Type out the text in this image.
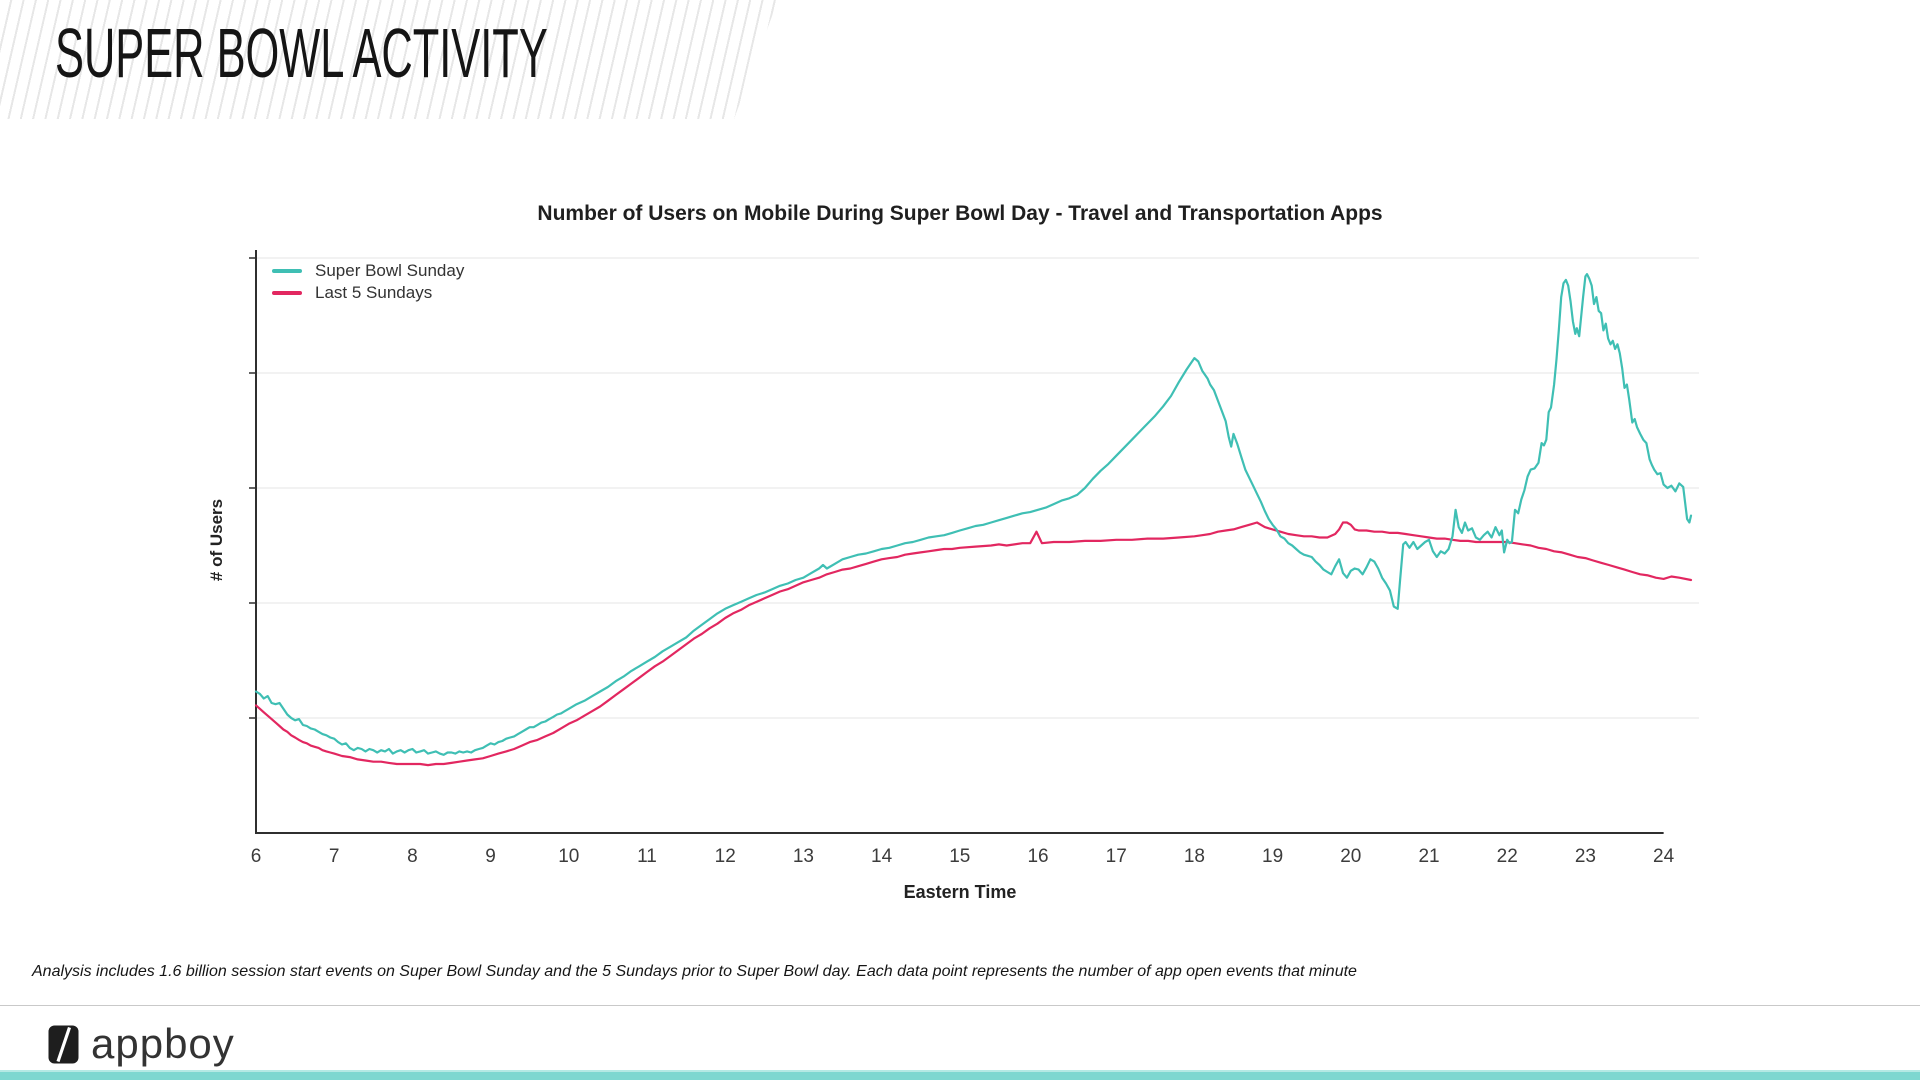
SUPER BOWL ACTIVITY
Number of Users on Mobile During Super Bowl Day - Travel and Transportation Apps
Super Bowl Sunday
Last 5 Sundays
# of Users
6	7	8	9	10	11	12	13	14	15	16	17	18	19	20	21	22	23	24
Eastern Time
Analysis includes 1.6 billion session start events on Super Bowl Sunday and the 5 Sundays prior to Super Bowl day. Each data point represents the number of app open events that minute
appboy
